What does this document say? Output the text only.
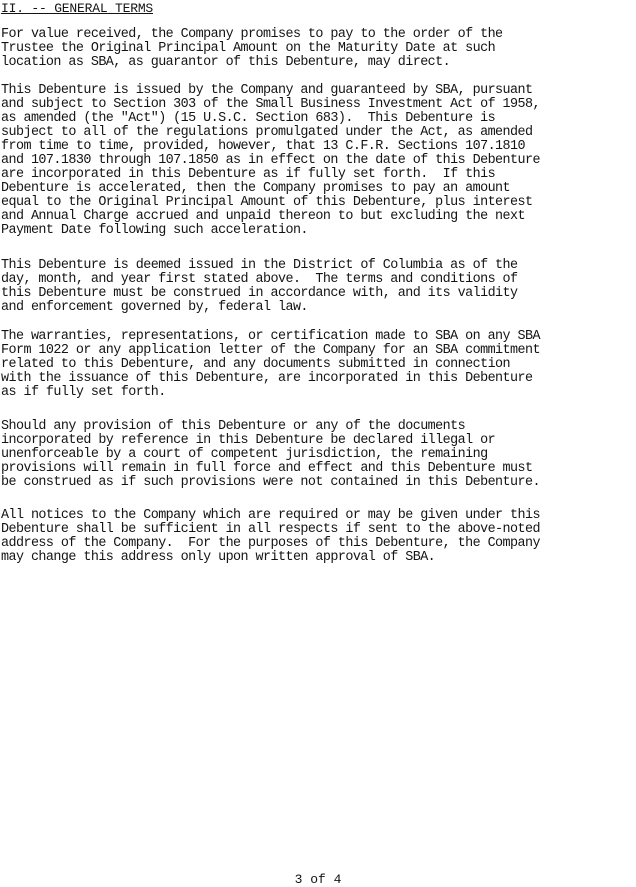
II. -- GENERAL TERMS
For value received, the Company promises to pay to the order of the
Trustee the Original Principal Amount on the Maturity Date at such
location as SBA, as guarantor of this Debenture, may direct.
This Debenture is issued by the Company and guaranteed by SBA, pursuant
and subject to Section 303 of the Small Business Investment Act of 1958,
as amended (the "Act") (15 U.S.C. Section 683).  This Debenture is
subject to all of the regulations promulgated under the Act, as amended
from time to time, provided, however, that 13 C.F.R. Sections 107.1810
and 107.1830 through 107.1850 as in effect on the date of this Debenture
are incorporated in this Debenture as if fully set forth.  If this
Debenture is accelerated, then the Company promises to pay an amount
equal to the Original Principal Amount of this Debenture, plus interest
and Annual Charge accrued and unpaid thereon to but excluding the next
Payment Date following such acceleration.
This Debenture is deemed issued in the District of Columbia as of the
day, month, and year first stated above.  The terms and conditions of
this Debenture must be construed in accordance with, and its validity
and enforcement governed by, federal law.
The warranties, representations, or certification made to SBA on any SBA
Form 1022 or any application letter of the Company for an SBA commitment
related to this Debenture, and any documents submitted in connection
with the issuance of this Debenture, are incorporated in this Debenture
as if fully set forth.
Should any provision of this Debenture or any of the documents
incorporated by reference in this Debenture be declared illegal or
unenforceable by a court of competent jurisdiction, the remaining
provisions will remain in full force and effect and this Debenture must
be construed as if such provisions were not contained in this Debenture.
All notices to the Company which are required or may be given under this
Debenture shall be sufficient in all respects if sent to the above-noted
address of the Company.  For the purposes of this Debenture, the Company
may change this address only upon written approval of SBA.
3 of 4
